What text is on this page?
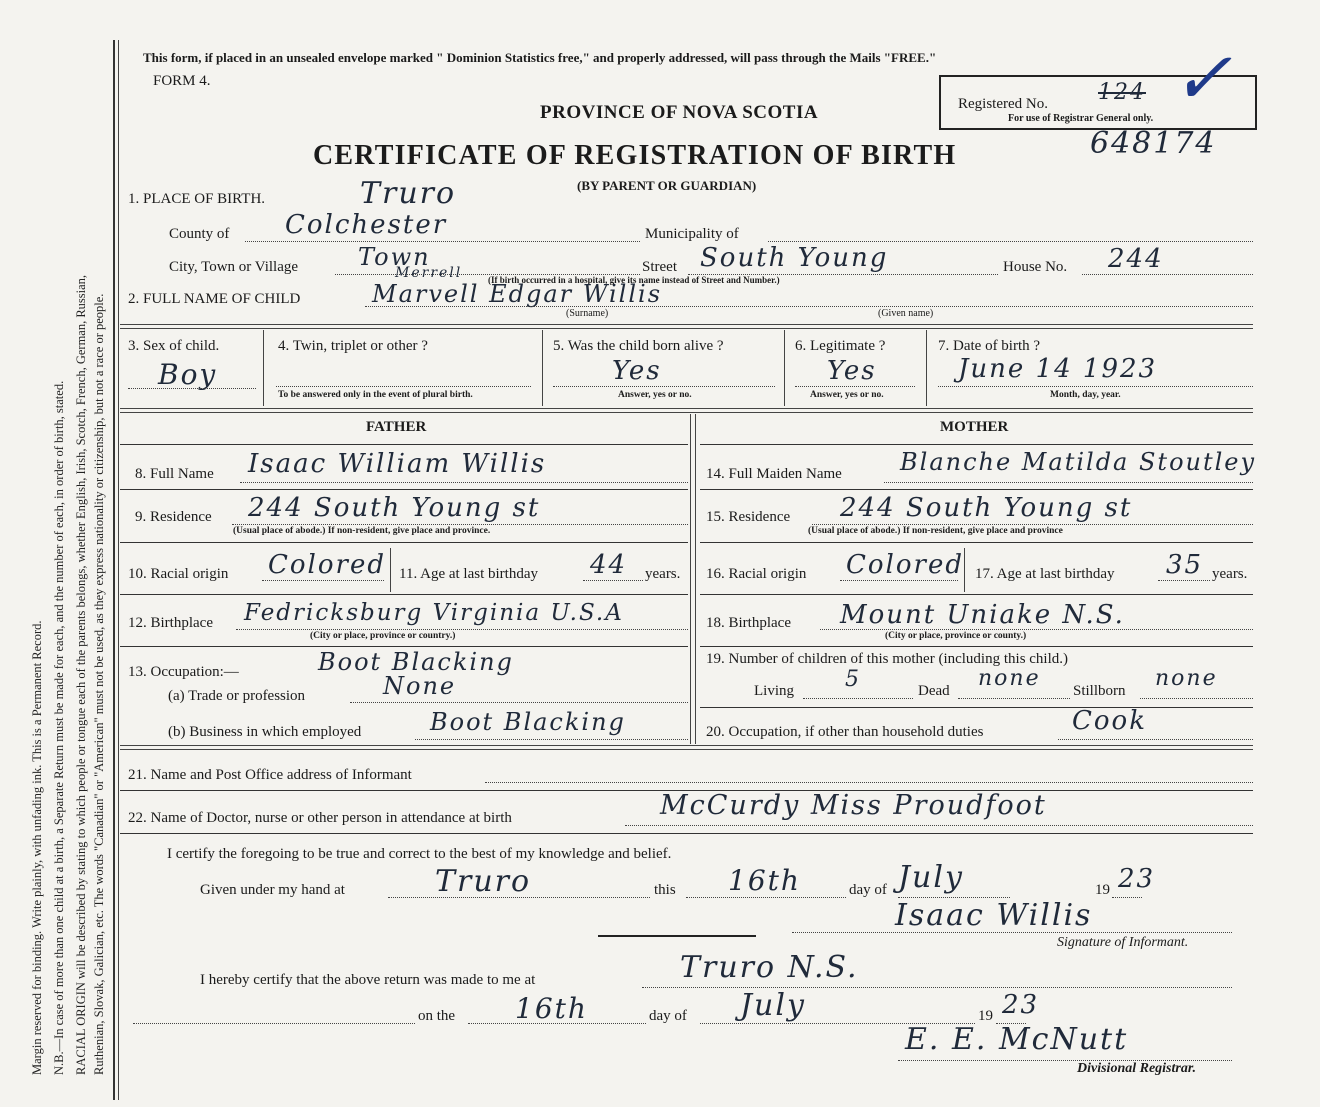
Margin reserved for binding. Write plainly, with unfading ink. This is a Permanent Record. N.B.—In case of more than one child at a birth, a Separate Return must be made for each, and the number of each, in order of birth, stated. RACIAL ORIGIN will be described by stating to which people or tongue each of the parents belongs, whether English, Irish, Scotch, French, German, Russian, Ruthenian, Slovak, Galician, etc. The words "Canadian" or "American" must not be used, as they express nationality or citizenship, but not a race or people.
This form, if placed in an unsealed envelope marked " Dominion Statistics free," and properly addressed, will pass through the Mails "FREE."
FORM 4.
PROVINCE OF NOVA SCOTIA
CERTIFICATE OF REGISTRATION OF BIRTH
(BY PARENT OR GUARDIAN)
Registered No. 124
For use of Registrar General only. ✓
648174
1. PLACE OF BIRTH.	Truro
County of Colchester	Municipality of
City, Town or Village Town	Street South Young	House No. 244
(If birth occurred in a hospital, give its name instead of Street and Number.)
2. FULL NAME OF CHILD
Merrell
Marvell Edgar Willis
(Surname)	(Given name)
3. Sex of child.
Boy
4. Twin, triplet or other ?
To be answered only in the event of plural birth.
5. Was the child born alive ?
Yes
Answer, yes or no.
6. Legitimate ?
Yes
Answer, yes or no.
7. Date of birth ?
June 14 1923
Month, day, year.
FATHER	MOTHER
8. Full Name Isaac William Willis
9. Residence 244 South Young st
(Usual place of abode.) If non-resident, give place and province.
10. Racial origin Colored 11. Age at last birthday 44 years.
12. Birthplace Fedricksburg Virginia U.S.A
(City or place, province or country.)
13. Occupation:—	Boot Blacking
(a) Trade or profession	None
(b) Business in which employed	Boot Blacking
14. Full Maiden Name Blanche Matilda Stoutley
15. Residence 244 South Young st
(Usual place of abode.) If non-resident, give place and province
16. Racial origin Colored 17. Age at last birthday 35 years.
18. Birthplace Mount Uniake N.S.
(City or place, province or county.)
19. Number of children of this mother (including this child.)
Living 5	Dead none Stillborn none
20. Occupation, if other than household duties	Cook
21. Name and Post Office address of Informant
22. Name of Doctor, nurse or other person in attendance at birth	McCurdy Miss Proudfoot
I certify the foregoing to be true and correct to the best of my knowledge and belief.
Given under my hand at	Truro	this 16th	day of July	19 23
Isaac Willis
Signature of Informant.
I hereby certify that the above return was made to me at	Truro N.S.
on the 16th	day of July	19 23
E. E. McNutt
Divisional Registrar.
